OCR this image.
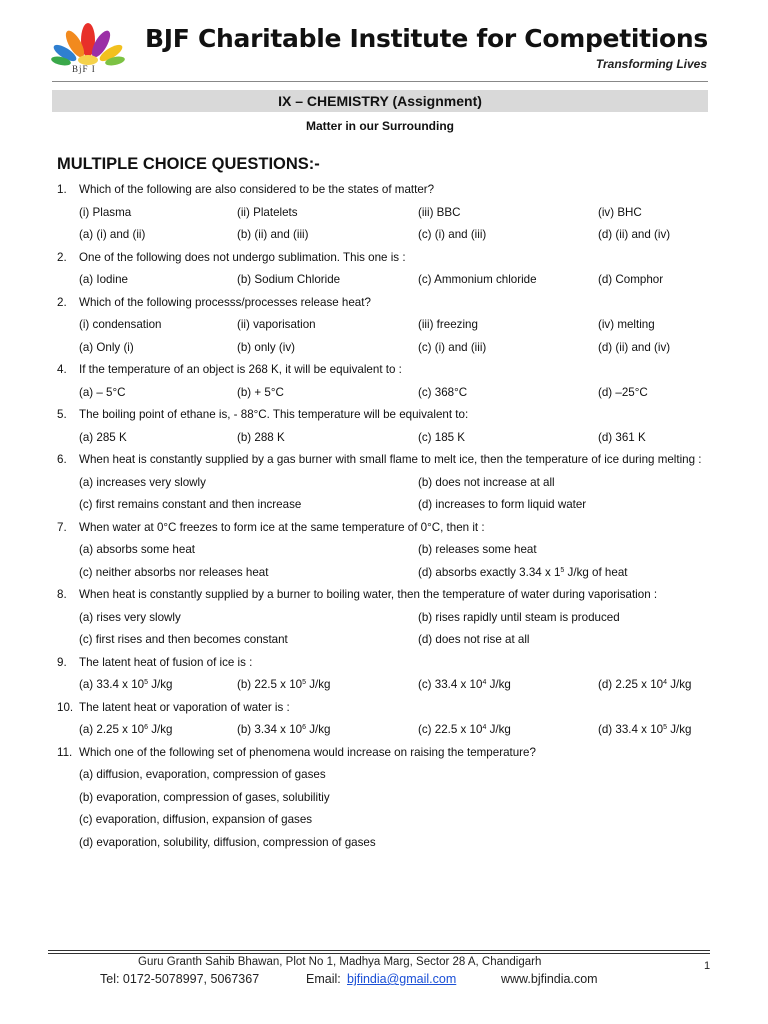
BjF I
BJF Charitable Institute for Competitions
Transforming Lives
IX – CHEMISTRY (Assignment)
Matter in our Surrounding
MULTIPLE CHOICE QUESTIONS:-
1. Which of the following are also considered to be the states of matter?
(i) Plasma	(ii) Platelets	(iii) BBC	(iv) BHC
(a) (i) and (ii)	(b) (ii) and (iii)	(c) (i) and (iii)	(d) (ii) and (iv)
2. One of the following does not undergo sublimation. This one is :
(a) Iodine	(b) Sodium Chloride	(c) Ammonium chloride	(d) Comphor
2. Which of the following processs/processes release heat?
(i) condensation	(ii) vaporisation	(iii) freezing	(iv) melting
(a) Only (i)	(b) only (iv)	(c) (i) and (iii)	(d) (ii) and (iv)
4. If the temperature of an object is 268 K, it will be equivalent to :
(a) – 5°C	(b) + 5°C	(c) 368°C	(d) –25°C
5. The boiling point of ethane is, - 88°C. This temperature will be equivalent to:
(a) 285 K	(b) 288 K	(c) 185 K	(d) 361 K
6. When heat is constantly supplied by a gas burner with small flame to melt ice, then the temperature of ice during melting :
(a) increases very slowly	(b) does not increase at all
(c) first remains constant and then increase	(d) increases to form liquid water
7. When water at 0°C freezes to form ice at the same temperature of 0°C, then it :
(a) absorbs some heat	(b) releases some heat
(c) neither absorbs nor releases heat	(d) absorbs exactly 3.34 x $1^5$ J/kg of heat
8. When heat is constantly supplied by a burner to boiling water, then the temperature of water during vaporisation :
(a) rises very slowly	(b) rises rapidly until steam is produced
(c) first rises and then becomes constant	(d) does not rise at all
9. The latent heat of fusion of ice is :
(a) 33.4 x $10^5$ J/kg	(b) 22.5 x $10^5$ J/kg	(c) 33.4 x $10^4$ J/kg	(d) 2.25 x $10^4$ J/kg
10. The latent heat or vaporation of water is :
(a) 2.25 x $10^6$ J/kg	(b) 3.34 x $10^6$ J/kg	(c) 22.5 x $10^4$ J/kg	(d) 33.4 x $10^5$ J/kg
11. Which one of the following set of phenomena would increase on raising the temperature?
(a) diffusion, evaporation, compression of gases
(b) evaporation, compression of gases, solubilitiy
(c) evaporation, diffusion, expansion of gases
(d) evaporation, solubility, diffusion, compression of gases
Guru Granth Sahib Bhawan, Plot No 1, Madhya Marg, Sector 28 A, Chandigarh	1
Tel: 0172-5078997, 5067367	Email: bjfindia@gmail.com	www.bjfindia.com
